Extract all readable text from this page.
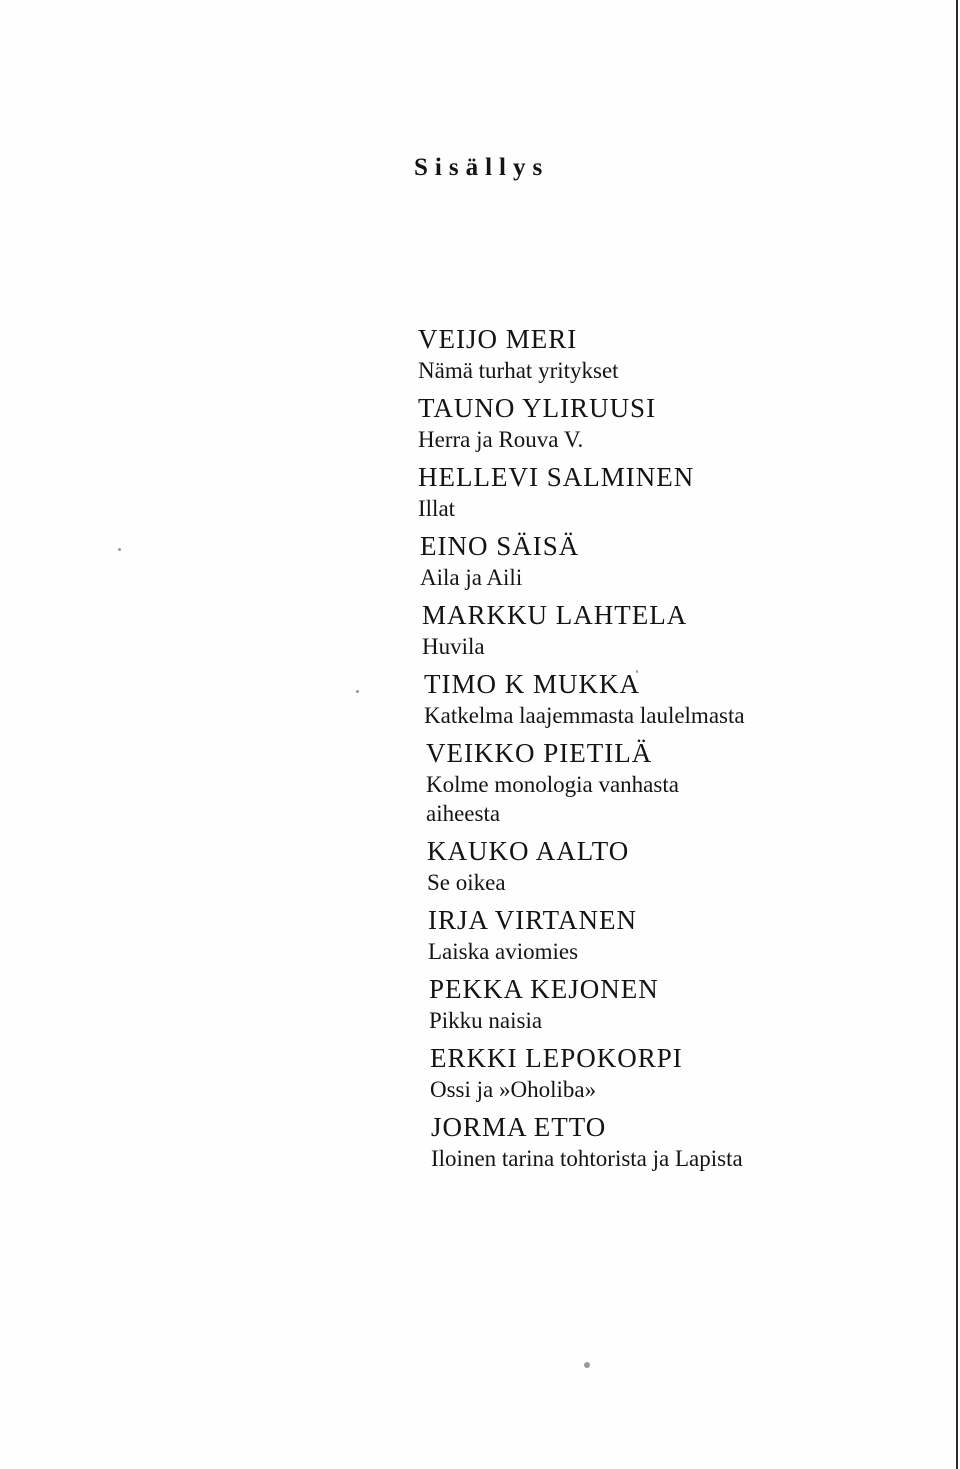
Sisällys
VEIJO MERI
Nämä turhat yritykset
TAUNO YLIRUUSI
Herra ja Rouva V.
HELLEVI SALMINEN
Illat
EINO SÄISÄ
Aila ja Aili
MARKKU LAHTELA
Huvila
TIMO K MUKKA
Katkelma laajemmasta laulelmasta
VEIKKO PIETILÄ
Kolme monologia vanhasta aiheesta
KAUKO AALTO
Se oikea
IRJA VIRTANEN
Laiska aviomies
PEKKA KEJONEN
Pikku naisia
ERKKI LEPOKORPI
Ossi ja »Oholiba»
JORMA ETTO
Iloinen tarina tohtorista ja Lapista
